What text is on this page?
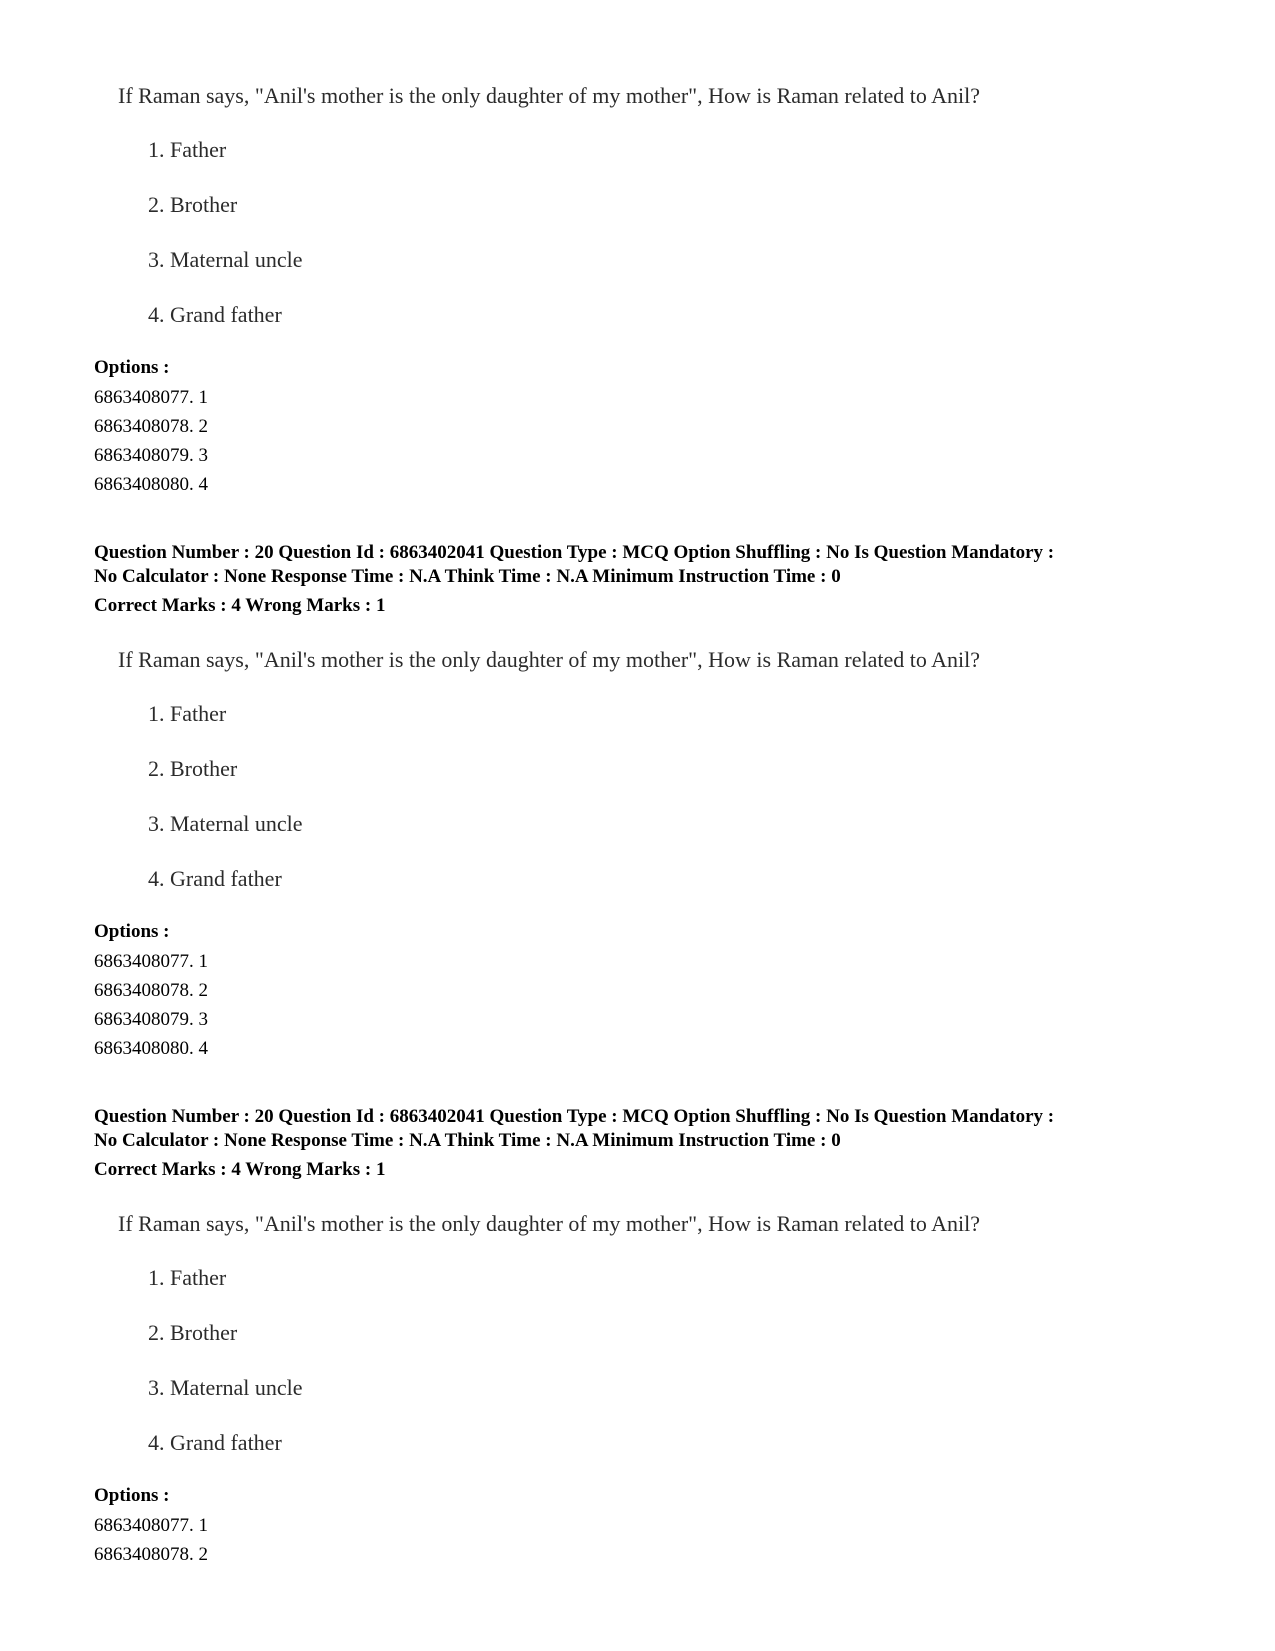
If Raman says, "Anil's mother is the only daughter of my mother", How is Raman related to Anil?
1. Father
2. Brother
3. Maternal uncle
4. Grand father
Options :
6863408077. 1
6863408078. 2
6863408079. 3
6863408080. 4
Question Number : 20 Question Id : 6863402041 Question Type : MCQ Option Shuffling : No Is Question Mandatory :
No Calculator : None Response Time : N.A Think Time : N.A Minimum Instruction Time : 0
Correct Marks : 4 Wrong Marks : 1
If Raman says, "Anil's mother is the only daughter of my mother", How is Raman related to Anil?
1. Father
2. Brother
3. Maternal uncle
4. Grand father
Options :
6863408077. 1
6863408078. 2
6863408079. 3
6863408080. 4
Question Number : 20 Question Id : 6863402041 Question Type : MCQ Option Shuffling : No Is Question Mandatory :
No Calculator : None Response Time : N.A Think Time : N.A Minimum Instruction Time : 0
Correct Marks : 4 Wrong Marks : 1
If Raman says, "Anil's mother is the only daughter of my mother", How is Raman related to Anil?
1. Father
2. Brother
3. Maternal uncle
4. Grand father
Options :
6863408077. 1
6863408078. 2
